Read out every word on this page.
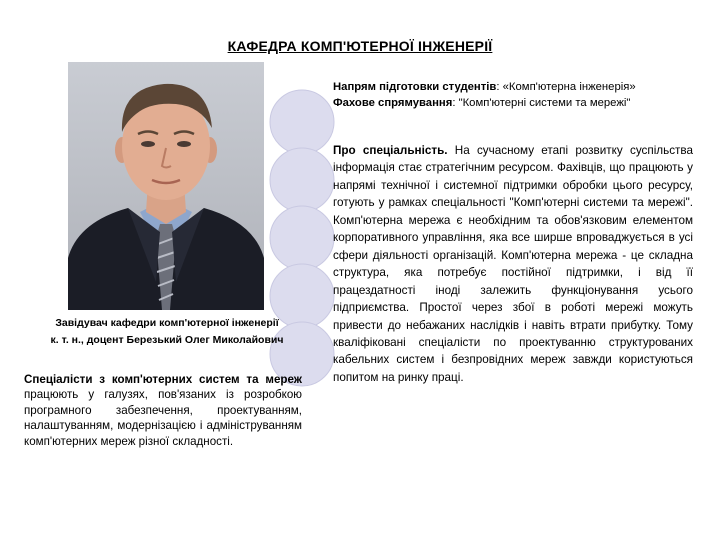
КАФЕДРА КОМП'ЮТЕРНОЇ ІНЖЕНЕРІЇ
Завідувач кафедри комп'ютерної інженерії
к. т. н., доцент Березький Олег Миколайович
Спеціалісти з комп'ютерних систем та мереж працюють у галузях, пов'язаних із розробкою програмного забезпечення, проектуванням, налаштуванням, модернізацією і адмініструванням комп'ютерних мереж різної складності.
Напрям підготовки студентів: «Комп'ютерна інженерія»
Фахове спрямування: "Комп'ютерні системи та мережі"
Про спеціальність. На сучасному етапі розвитку суспільства інформація стає стратегічним ресурсом. Фахівців, що працюють у напрямі технічної і системної підтримки обробки цього ресурсу, готують у рамках спеціальності "Комп'ютерні системи та мережі". Комп'ютерна мережа є необхідним та обов'язковим елементом корпоративного управління, яка все ширше впроваджується в усі сфери діяльності організацій. Комп'ютерна мережа - це складна структура, яка потребує постійної підтримки, і від її працездатності іноді залежить функціонування усього підприємства. Простої через збої в роботі мережі можуть привести до небажаних наслідків і навіть втрати прибутку. Тому кваліфіковані спеціалісти по проектуванню структурованих кабельних систем і безпровідних мереж завжди користуються попитом на ринку праці.
